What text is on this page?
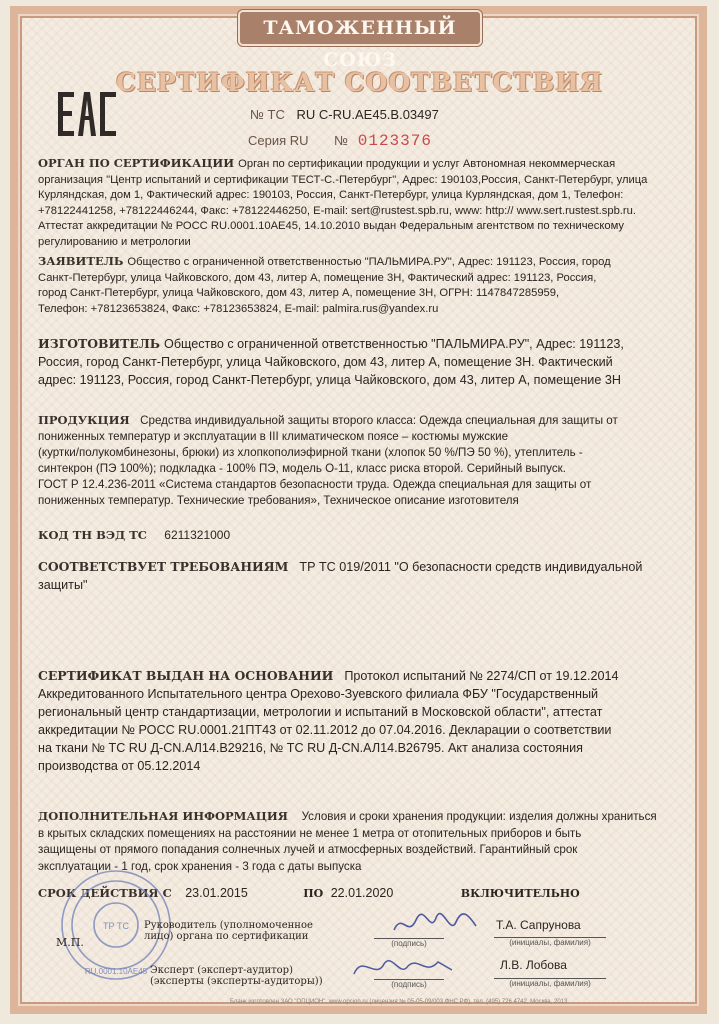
ТАМОЖЕННЫЙ СОЮЗ
СЕРТИФИКАТ СООТВЕТСТВИЯ
№ ТС RU C-RU.AE45.B.03497
Серия RU № 0123376
ОРГАН ПО СЕРТИФИКАЦИИ Орган по сертификации продукции и услуг Автономная некоммерческая
организация "Центр испытаний и сертификации ТЕСТ-С.-Петербург", Адрес: 190103,Россия, Санкт-Петербург, улица
Курляндская, дом 1, Фактический адрес: 190103, Россия, Санкт-Петербург, улица Курляндская, дом 1, Телефон:
+78122441258, +78122446244, Факс: +78122446250, E-mail: sert@rustest.spb.ru, www: http:// www.sert.rustest.spb.ru.
Аттестат аккредитации № РОСС RU.0001.10AE45, 14.10.2010 выдан Федеральным агентством по техническому
регулированию и метрологии
ЗАЯВИТЕЛЬ Общество с ограниченной ответственностью "ПАЛЬМИРА.РУ", Адрес: 191123, Россия, город
Санкт-Петербург, улица Чайковского, дом 43, литер А, помещение 3Н, Фактический адрес: 191123, Россия,
город Санкт-Петербург, улица Чайковского, дом 43, литер А, помещение 3Н, ОГРН: 1147847285959,
Телефон: +78123653824, Факс: +78123653824, E-mail: palmira.rus@yandex.ru
ИЗГОТОВИТЕЛЬ Общество с ограниченной ответственностью "ПАЛЬМИРА.РУ", Адрес: 191123,
Россия, город Санкт-Петербург, улица Чайковского, дом 43, литер А, помещение 3Н. Фактический
адрес: 191123, Россия, город Санкт-Петербург, улица Чайковского, дом 43, литер А, помещение 3Н
ПРОДУКЦИЯ Средства индивидуальной защиты второго класса: Одежда специальная для защиты от
пониженных температур и эксплуатации в III климатическом поясе – костюмы мужские
(куртки/полукомбинезоны, брюки) из хлопкополиэфирной ткани (хлопок 50 %/ПЭ 50 %), утеплитель -
синтекрон (ПЭ 100%); подкладка - 100% ПЭ, модель О-11, класс риска второй. Серийный выпуск.
ГОСТ Р 12.4.236-2011 «Система стандартов безопасности труда. Одежда специальная для защиты от
пониженных температур. Технические требования», Техническое описание изготовителя
КОД ТН ВЭД ТС 6211321000
СООТВЕТСТВУЕТ ТРЕБОВАНИЯМ ТР ТС 019/2011 "О безопасности средств индивидуальной
защиты"
СЕРТИФИКАТ ВЫДАН НА ОСНОВАНИИ Протокол испытаний № 2274/СП от 19.12.2014
Аккредитованного Испытательного центра Орехово-Зуевского филиала ФБУ "Государственный
региональный центр стандартизации, метрологии и испытаний в Московской области", аттестат
аккредитации № РОСС RU.0001.21ПТ43 от 02.11.2012 до 07.04.2016. Декларации о соответствии
на ткани № ТС RU Д-CN.АЛ14.В29216, № ТС RU Д-CN.АЛ14.В26795. Акт анализа состояния
производства от 05.12.2014
ДОПОЛНИТЕЛЬНАЯ ИНФОРМАЦИЯ Условия и сроки хранения продукции: изделия должны храниться
в крытых складских помещениях на расстоянии не менее 1 метра от отопительных приборов и быть
защищены от прямого попадания солнечных лучей и атмосферных воздействий. Гарантийный срок
эксплуатации - 1 год, срок хранения - 3 года с даты выпуска
СРОК ДЕЙСТВИЯ С 23.01.2015	ПО 22.01.2020	ВКЛЮЧИТЕЛЬНО
ТР ТС
RU.0001.10AE45
Руководитель (уполномоченное
лицо) органа по сертификации
М.П.	(подпись)
Т.А. Сапрунова
(инициалы, фамилия)
Эксперт (эксперт-аудитор)
(эксперты (эксперты-аудиторы))	(подпись)
Л.В. Лобова
(инициалы, фамилия)
Бланк изготовлен ЗАО "ОПЦИОН", www.opcion.ru (лицензия № 05-05-09/003 ФНС РФ), тел. (495) 726 4742, Москва, 2013
